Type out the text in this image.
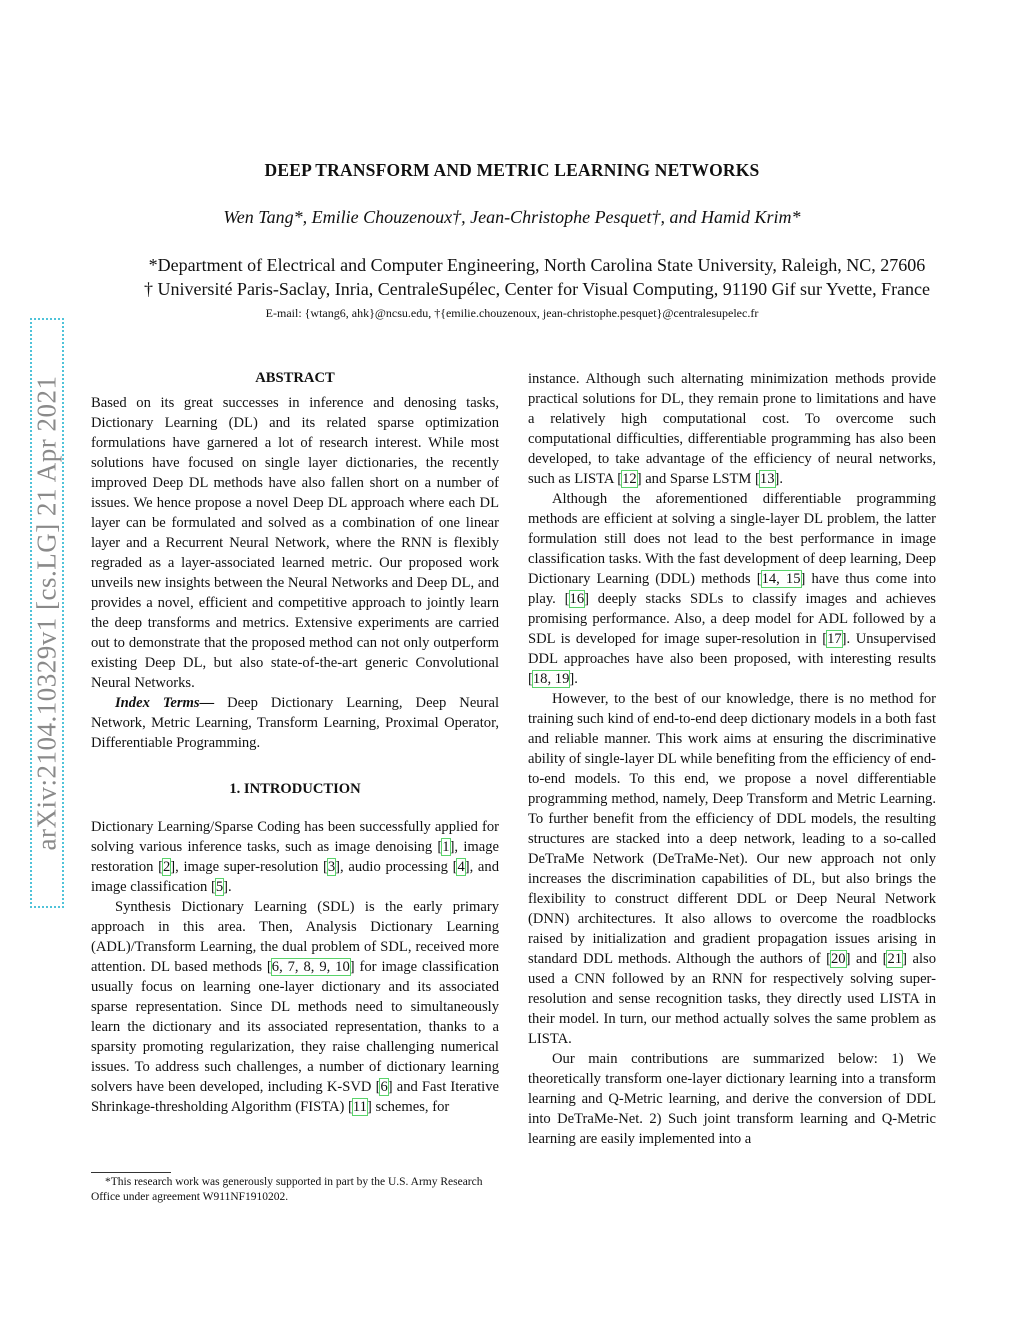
arXiv:2104.10329v1 [cs.LG] 21 Apr 2021
DEEP TRANSFORM AND METRIC LEARNING NETWORKS
Wen Tang*, Emilie Chouzenoux†, Jean-Christophe Pesquet†, and Hamid Krim*
*Department of Electrical and Computer Engineering, North Carolina State University, Raleigh, NC, 27606
† Université Paris-Saclay, Inria, CentraleSupélec, Center for Visual Computing, 91190 Gif sur Yvette, France
E-mail: {wtang6, ahk}@ncsu.edu, †{emilie.chouzenoux, jean-christophe.pesquet}@centralesupelec.fr

ABSTRACT

Based on its great successes in inference and denosing tasks, Dictionary Learning (DL) and its related sparse optimization formulations have garnered a lot of research interest. While most solutions have focused on single layer dictionaries, the recently improved Deep DL methods have also fallen short on a number of issues. We hence propose a novel Deep DL approach where each DL layer can be formulated and solved as a combination of one linear layer and a Recurrent Neural Network, where the RNN is flexibly regraded as a layer-associated learned metric. Our proposed work unveils new insights between the Neural Networks and Deep DL, and provides a novel, efficient and competitive approach to jointly learn the deep transforms and metrics. Extensive experiments are carried out to demonstrate that the proposed method can not only outperform existing Deep DL, but also state-of-the-art generic Convolutional Neural Networks.

Index Terms— Deep Dictionary Learning, Deep Neural Network, Metric Learning, Transform Learning, Proximal Operator, Differentiable Programming.

1. INTRODUCTION

Dictionary Learning/Sparse Coding has been successfully applied for solving various inference tasks, such as image denoising [1], image restoration [2], image super-resolution [3], audio processing [4], and image classification [5].

Synthesis Dictionary Learning (SDL) is the early primary approach in this area. Then, Analysis Dictionary Learning (ADL)/Transform Learning, the dual problem of SDL, received more attention. DL based methods [6, 7, 8, 9, 10] for image classification usually focus on learning one-layer dictionary and its associated sparse representation. Since DL methods need to simultaneously learn the dictionary and its associated representation, thanks to a sparsity promoting regularization, they raise challenging numerical issues. To address such challenges, a number of dictionary learning solvers have been developed, including K-SVD [6] and Fast Iterative Shrinkage-thresholding Algorithm (FISTA) [11] schemes, for

*This research work was generously supported in part by the U.S. Army Research Office under agreement W911NF1910202.

instance. Although such alternating minimization methods provide practical solutions for DL, they remain prone to limitations and have a relatively high computational cost. To overcome such computational difficulties, differentiable programming has also been developed, to take advantage of the efficiency of neural networks, such as LISTA [12] and Sparse LSTM [13].

Although the aforementioned differentiable programming methods are efficient at solving a single-layer DL problem, the latter formulation still does not lead to the best performance in image classification tasks. With the fast development of deep learning, Deep Dictionary Learning (DDL) methods [14, 15] have thus come into play. [16] deeply stacks SDLs to classify images and achieves promising performance. Also, a deep model for ADL followed by a SDL is developed for image super-resolution in [17]. Unsupervised DDL approaches have also been proposed, with interesting results [18, 19].

However, to the best of our knowledge, there is no method for training such kind of end-to-end deep dictionary models in a both fast and reliable manner. This work aims at ensuring the discriminative ability of single-layer DL while benefiting from the efficiency of end-to-end models. To this end, we propose a novel differentiable programming method, namely, Deep Transform and Metric Learning. To further benefit from the efficiency of DDL models, the resulting structures are stacked into a deep network, leading to a so-called DeTraMe Network (DeTraMe-Net). Our new approach not only increases the discrimination capabilities of DL, but also brings the flexibility to construct different DDL or Deep Neural Network (DNN) architectures. It also allows to overcome the roadblocks raised by initialization and gradient propagation issues arising in standard DDL methods. Although the authors of [20] and [21] also used a CNN followed by an RNN for respectively solving super-resolution and sense recognition tasks, they directly used LISTA in their model. In turn, our method actually solves the same problem as LISTA.

Our main contributions are summarized below: 1) We theoretically transform one-layer dictionary learning into a transform learning and Q-Metric learning, and derive the conversion of DDL into DeTraMe-Net. 2) Such joint transform learning and Q-Metric learning are easily implemented into a
